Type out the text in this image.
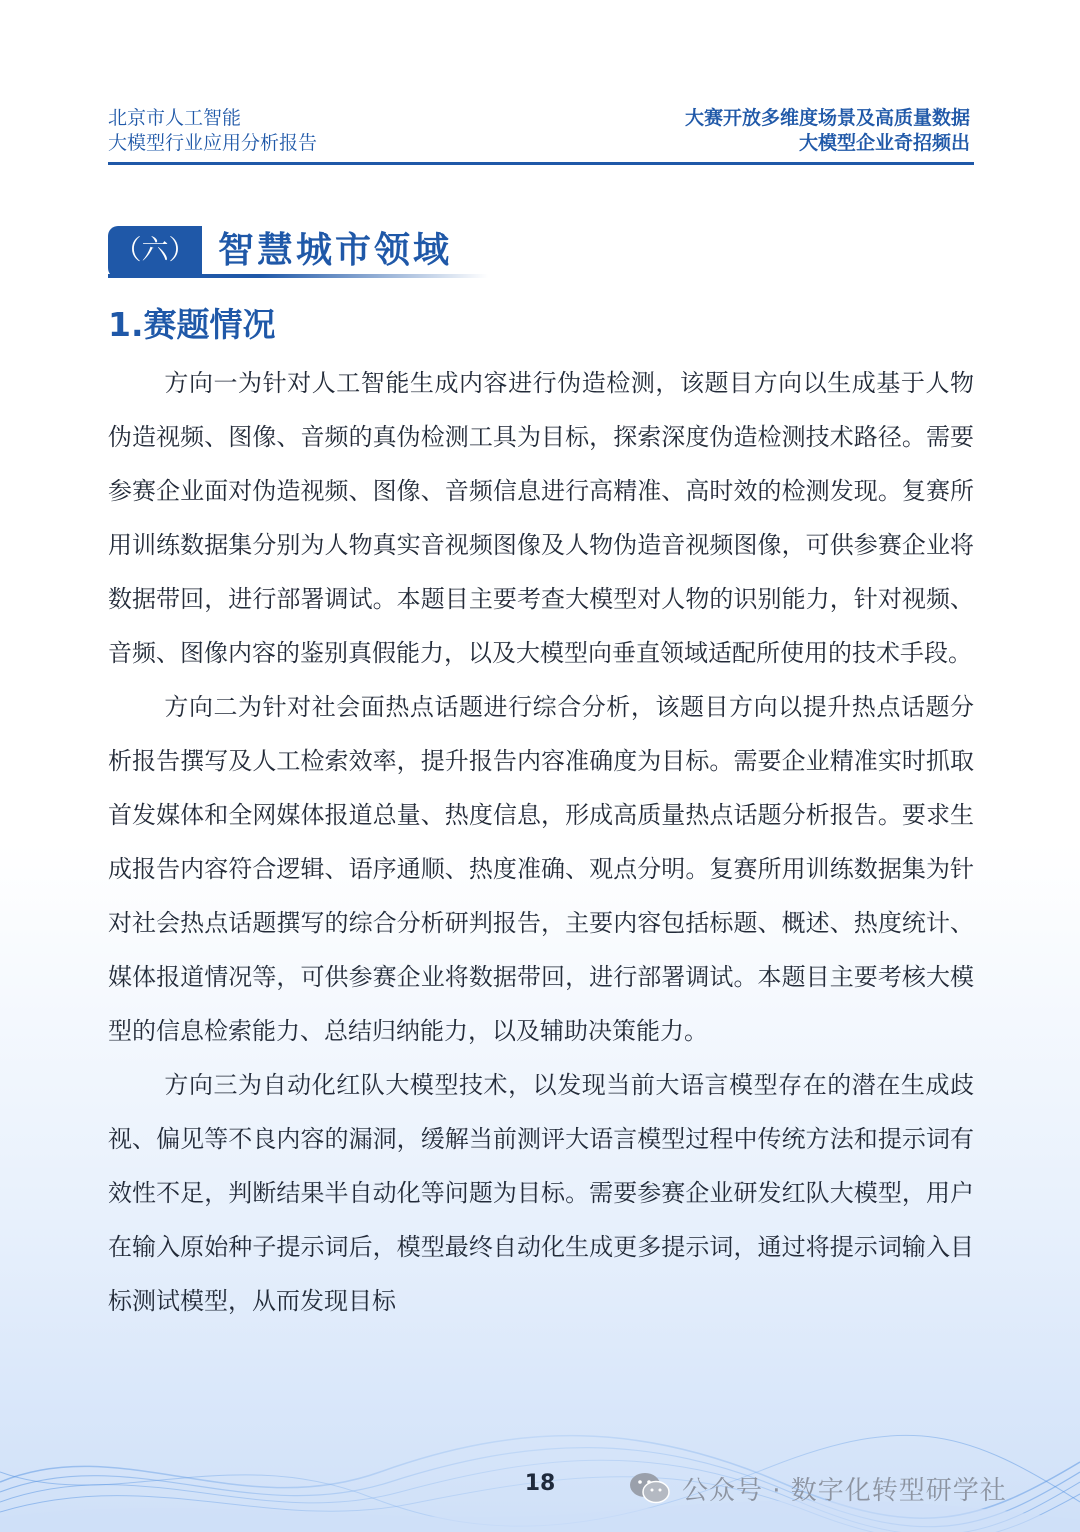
北京市人工智能
大模型行业应用分析报告
大赛开放多维度场景及高质量数据
大模型企业奇招频出
（六） 智慧城市领域
1.赛题情况

方向一为针对人工智能生成内容进行伪造检测，该题目方向以生成基于人物伪造视频、图像、音频的真伪检测工具为目标，探索深度伪造检测技术路径。需要参赛企业面对伪造视频、图像、音频信息进行高精准、高时效的检测发现。复赛所用训练数据集分别为人物真实音视频图像及人物伪造音视频图像，可供参赛企业将数据带回，进行部署调试。本题目主要考查大模型对人物的识别能力，针对视频、音频、图像内容的鉴别真假能力，以及大模型向垂直领域适配所使用的技术手段。

方向二为针对社会面热点话题进行综合分析，该题目方向以提升热点话题分析报告撰写及人工检索效率，提升报告内容准确度为目标。需要企业精准实时抓取首发媒体和全网媒体报道总量、热度信息，形成高质量热点话题分析报告。要求生成报告内容符合逻辑、语序通顺、热度准确、观点分明。复赛所用训练数据集为针对社会热点话题撰写的综合分析研判报告，主要内容包括标题、概述、热度统计、媒体报道情况等，可供参赛企业将数据带回，进行部署调试。本题目主要考核大模型的信息检索能力、总结归纳能力，以及辅助决策能力。

方向三为自动化红队大模型技术，以发现当前大语言模型存在的潜在生成歧视、偏见等不良内容的漏洞，缓解当前测评大语言模型过程中传统方法和提示词有效性不足，判断结果半自动化等问题为目标。需要参赛企业研发红队大模型，用户在输入原始种子提示词后，模型最终自动化生成更多提示词，通过将提示词输入目标测试模型，从而发现目标

18	公众号 · 数字化转型研学社
